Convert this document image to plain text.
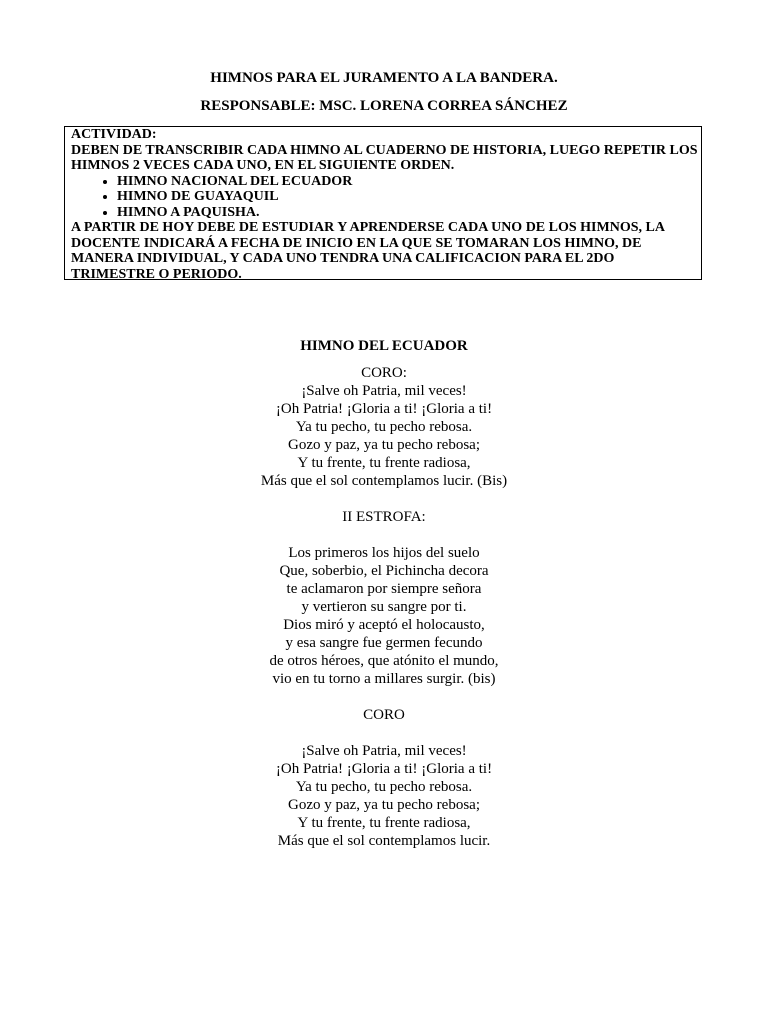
HIMNOS PARA EL JURAMENTO A LA BANDERA.
RESPONSABLE: MSC. LORENA CORREA SÁNCHEZ

ACTIVIDAD:

DEBEN DE TRANSCRIBIR CADA HIMNO AL CUADERNO DE HISTORIA, LUEGO REPETIR LOS HIMNOS 2 VECES CADA UNO, EN EL SIGUIENTE ORDEN.

• HIMNO NACIONAL DEL ECUADOR
• HIMNO DE GUAYAQUIL
• HIMNO A PAQUISHA.

A PARTIR DE HOY DEBE DE ESTUDIAR Y APRENDERSE CADA UNO DE LOS HIMNOS, LA DOCENTE INDICARÁ A FECHA DE INICIO EN LA QUE SE TOMARAN LOS HIMNO, DE MANERA INDIVIDUAL, Y CADA UNO TENDRA UNA CALIFICACION PARA EL 2DO TRIMESTRE O PERIODO.

HIMNO DEL ECUADOR
CORO:
¡Salve oh Patria, mil veces!
¡Oh Patria! ¡Gloria a ti! ¡Gloria a ti!
Ya tu pecho, tu pecho rebosa.
Gozo y paz, ya tu pecho rebosa;
Y tu frente, tu frente radiosa,
Más que el sol contemplamos lucir. (Bis)
II ESTROFA:
Los primeros los hijos del suelo
Que, soberbio, el Pichincha decora
te aclamaron por siempre señora
y vertieron su sangre por ti.
Dios miró y aceptó el holocausto,
y esa sangre fue germen fecundo
de otros héroes, que atónito el mundo,
vio en tu torno a millares surgir. (bis)
CORO
¡Salve oh Patria, mil veces!
¡Oh Patria! ¡Gloria a ti! ¡Gloria a ti!
Ya tu pecho, tu pecho rebosa.
Gozo y paz, ya tu pecho rebosa;
Y tu frente, tu frente radiosa,
Más que el sol contemplamos lucir.
